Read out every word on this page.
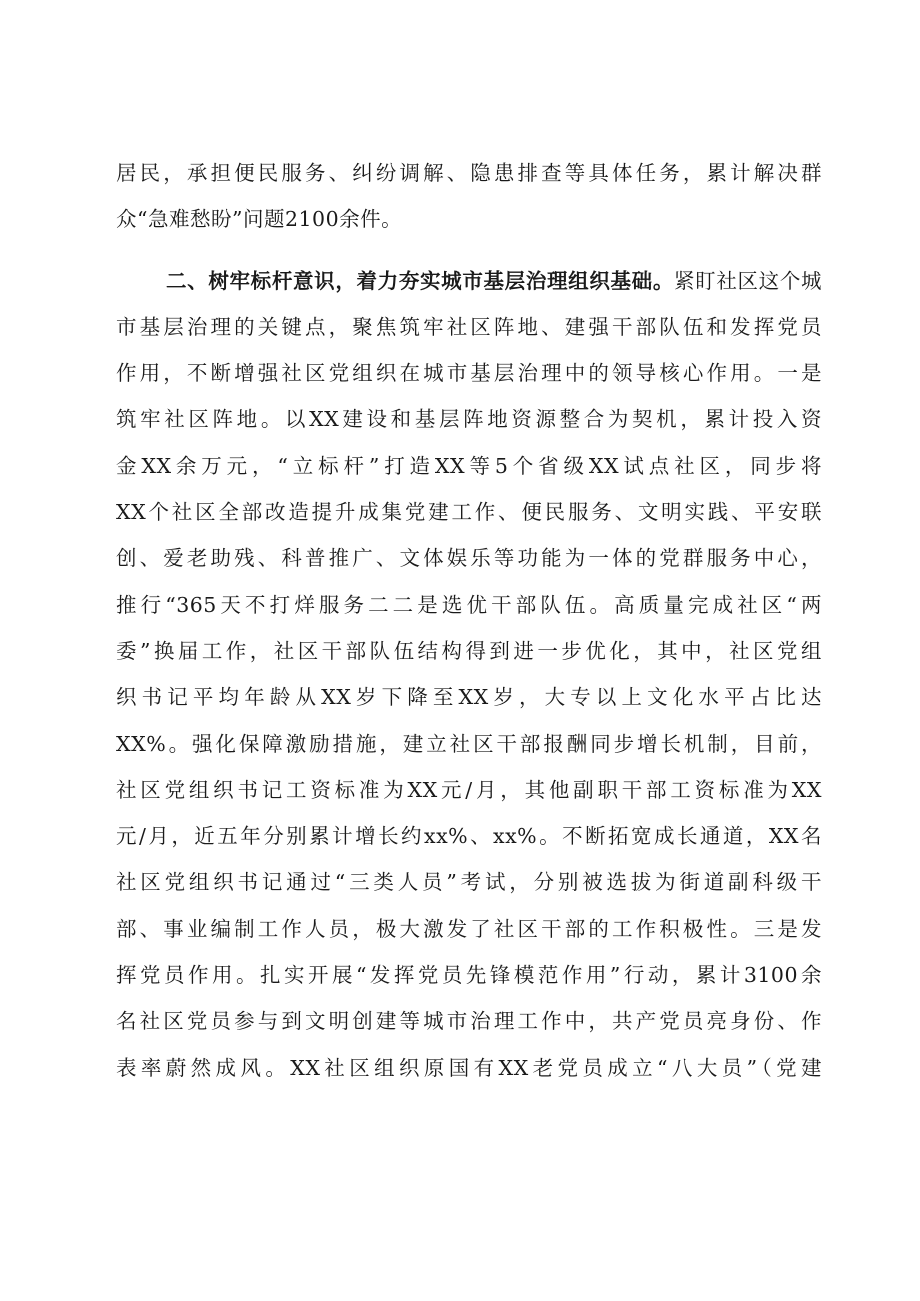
居民，承担便民服务、纠纷调解、隐患排查等具体任务，累计解决群
众“急难愁盼”问题2100余件。
二、树牢标杆意识，着力夯实城市基层治理组织基础。紧盯社区这个城
市基层治理的关键点，聚焦筑牢社区阵地、建强干部队伍和发挥党员
作用，不断增强社区党组织在城市基层治理中的领导核心作用。一是
筑牢社区阵地。以XX建设和基层阵地资源整合为契机，累计投入资
金XX余万元，“立标杆”打造XX等5个省级XX试点社区，同步将
XX个社区全部改造提升成集党建工作、便民服务、文明实践、平安联
创、爱老助残、科普推广、文体娱乐等功能为一体的党群服务中心，
推行“365天不打烊服务二二是选优干部队伍。高质量完成社区“两
委”换届工作，社区干部队伍结构得到进一步优化，其中，社区党组
织书记平均年龄从XX岁下降至XX岁，大专以上文化水平占比达
XX%。强化保障激励措施，建立社区干部报酬同步增长机制，目前，
社区党组织书记工资标准为XX元/月，其他副职干部工资标准为XX
元/月，近五年分别累计增长约xx%、xx%。不断拓宽成长通道，XX名
社区党组织书记通过“三类人员”考试，分别被选拔为街道副科级干
部、事业编制工作人员，极大激发了社区干部的工作积极性。三是发
挥党员作用。扎实开展“发挥党员先锋模范作用”行动，累计3100余
名社区党员参与到文明创建等城市治理工作中，共产党员亮身份、作
表率蔚然成风。XX社区组织原国有XX老党员成立“八大员”（党建
